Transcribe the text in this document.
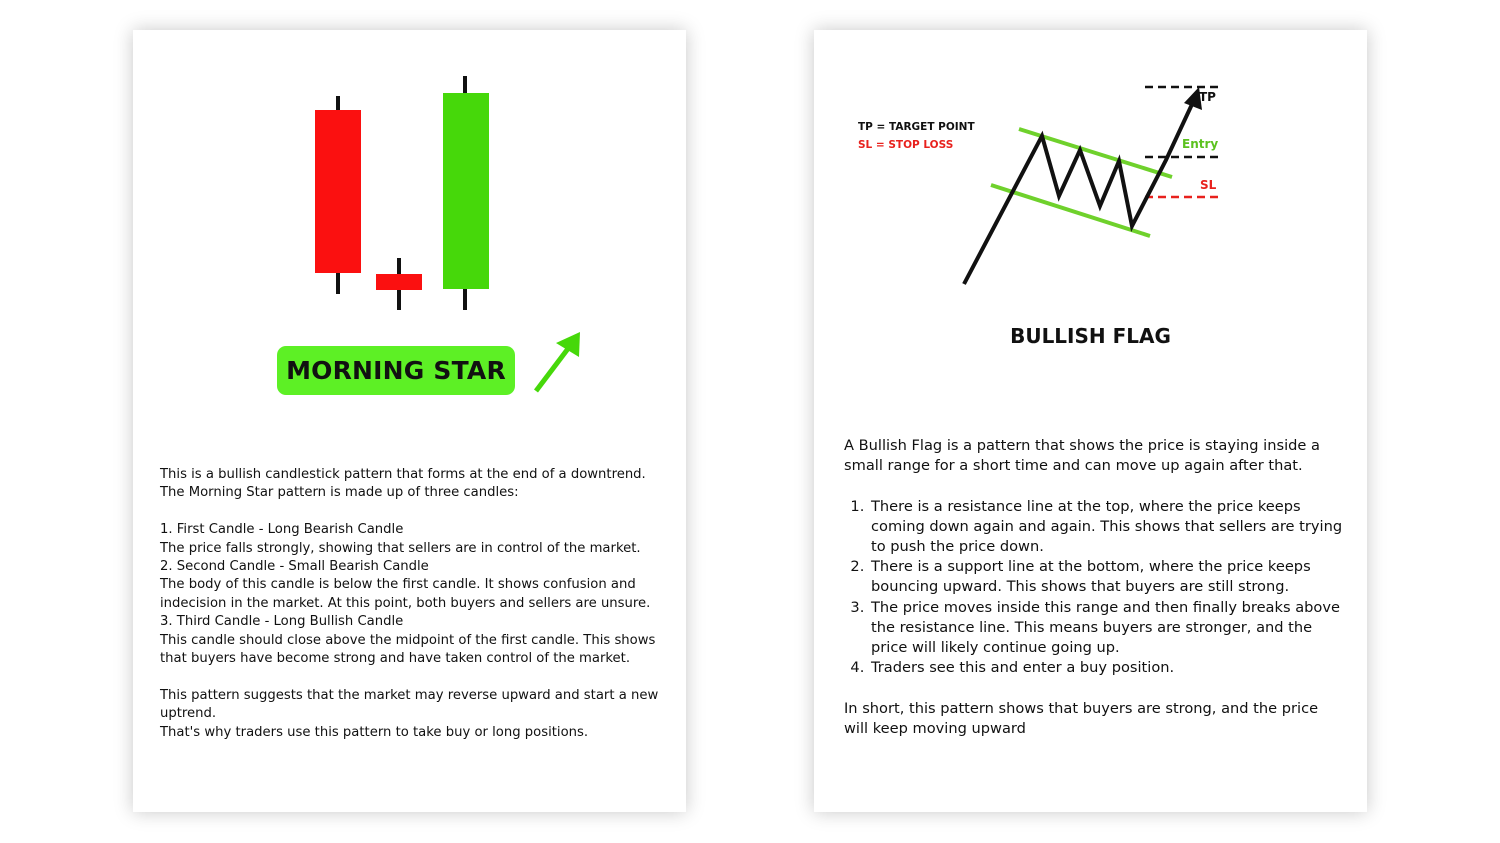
MORNING STAR

This is a bullish candlestick pattern that forms at the end of a downtrend.

The Morning Star pattern is made up of three candles:

1. First Candle - Long Bearish Candle

The price falls strongly, showing that sellers are in control of the market.

2. Second Candle - Small Bearish Candle

The body of this candle is below the first candle. It shows confusion and indecision in the market. At this point, both buyers and sellers are unsure.

3. Third Candle - Long Bullish Candle

This candle should close above the midpoint of the first candle. This shows that buyers have become strong and have taken control of the market.

This pattern suggests that the market may reverse upward and start a new uptrend.

That's why traders use this pattern to take buy or long positions.

TP = TARGET POINT
SL = STOP LOSS
TP
Entry
SL
BULLISH FLAG

A Bullish Flag is a pattern that shows the price is staying inside a small range for a short time and can move up again after that.

1. There is a resistance line at the top, where the price keeps coming down again and again. This shows that sellers are trying to push the price down.
2. There is a support line at the bottom, where the price keeps bouncing upward. This shows that buyers are still strong.
3. The price moves inside this range and then finally breaks above the resistance line. This means buyers are stronger, and the price will likely continue going up.
4. Traders see this and enter a buy position.

In short, this pattern shows that buyers are strong, and the price will keep moving upward
